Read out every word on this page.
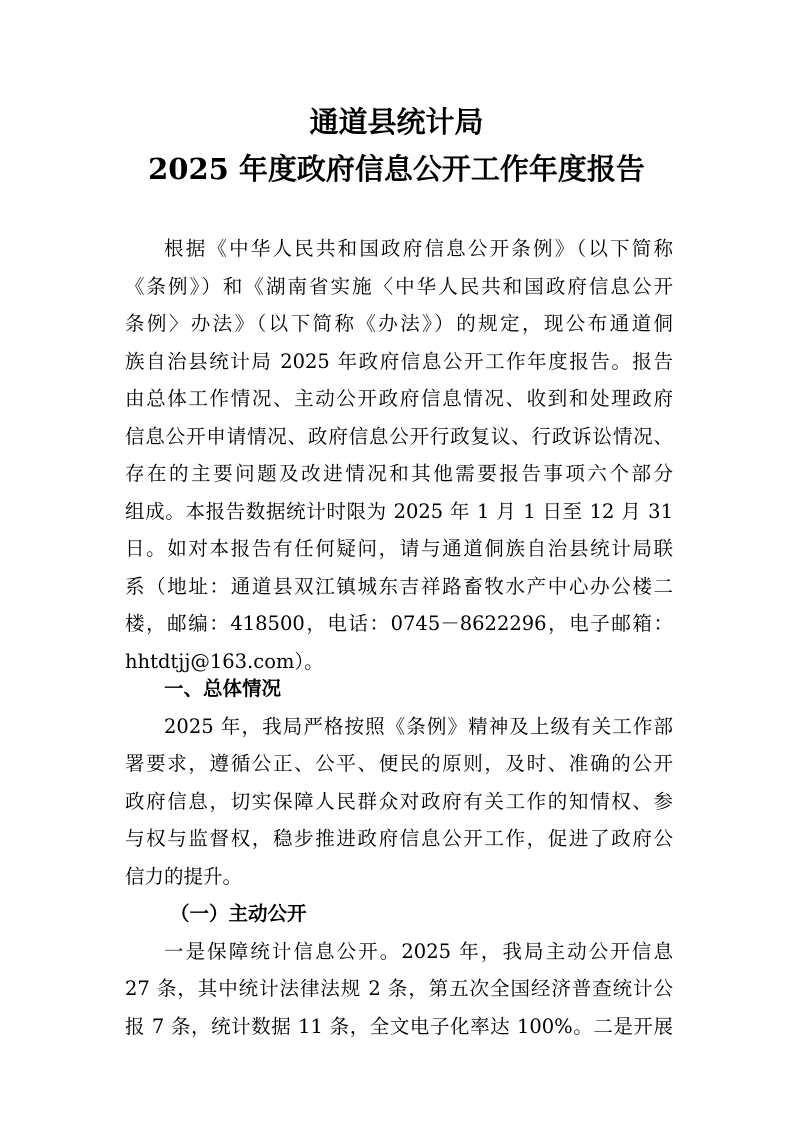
通道县统计局
2025 年度政府信息公开工作年度报告
根据《中华人民共和国政府信息公开条例》（以下简称
《条例》）和《湖南省实施〈中华人民共和国政府信息公开
条例〉办法》（以下简称《办法》）的规定，现公布通道侗
族自治县统计局 2025 年政府信息公开工作年度报告。报告
由总体工作情况、主动公开政府信息情况、收到和处理政府
信息公开申请情况、政府信息公开行政复议、行政诉讼情况、
存在的主要问题及改进情况和其他需要报告事项六个部分
组成。本报告数据统计时限为 2025 年 1 月 1 日至 12 月 31
日。如对本报告有任何疑问，请与通道侗族自治县统计局联
系（地址：通道县双江镇城东吉祥路畜牧水产中心办公楼二
楼，邮编：418500，电话：0745－8622296，电子邮箱：
hhtdtjj@163.com）。
一、总体情况
2025 年，我局严格按照《条例》精神及上级有关工作部
署要求，遵循公正、公平、便民的原则，及时、准确的公开
政府信息，切实保障人民群众对政府有关工作的知情权、参
与权与监督权，稳步推进政府信息公开工作，促进了政府公
信力的提升。
（一）主动公开
一是保障统计信息公开。2025 年，我局主动公开信息
27 条，其中统计法律法规 2 条，第五次全国经济普查统计公
报 7 条，统计数据 11 条，全文电子化率达 100%。二是开展
